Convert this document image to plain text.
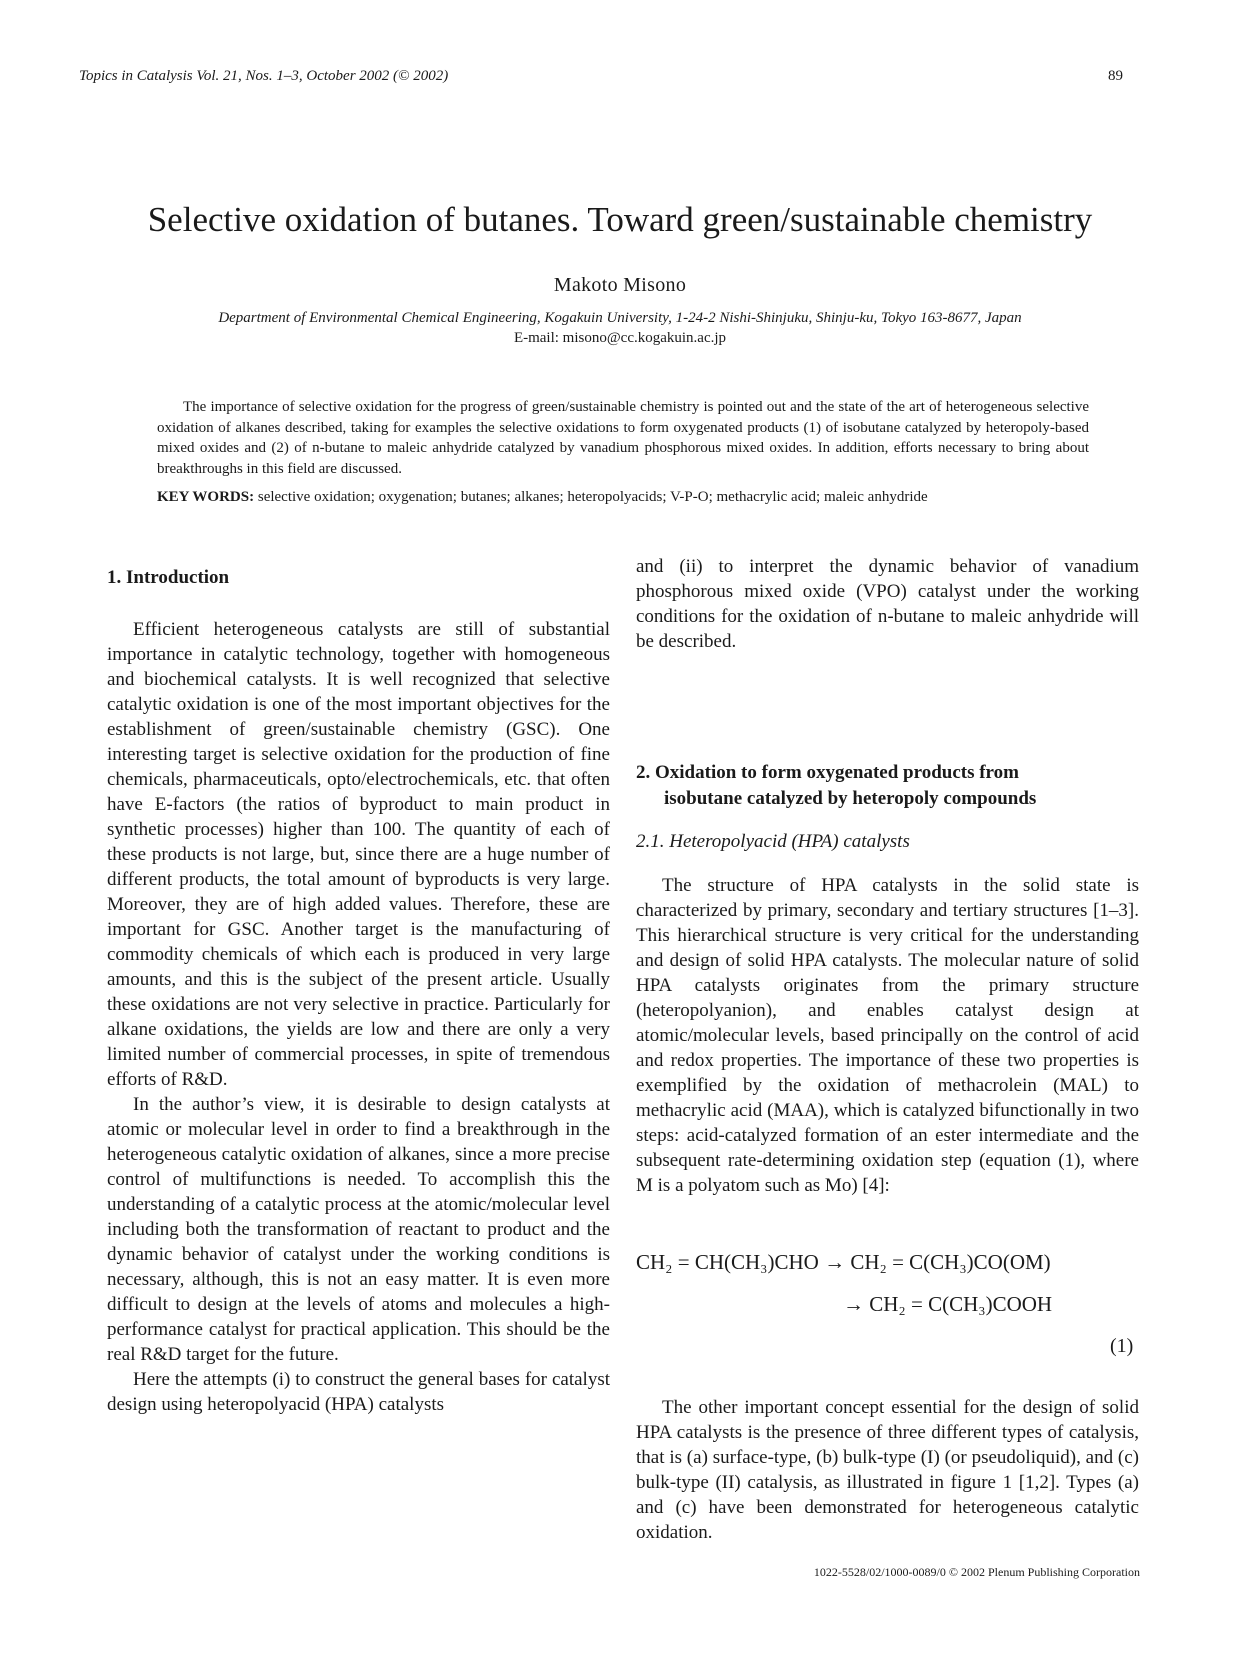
Topics in Catalysis Vol. 21, Nos. 1–3, October 2002 (© 2002)	89
Selective oxidation of butanes. Toward green/sustainable chemistry
Makoto Misono
Department of Environmental Chemical Engineering, Kogakuin University, 1-24-2 Nishi-Shinjuku, Shinju-ku, Tokyo 163-8677, Japan
E-mail: misono@cc.kogakuin.ac.jp

The importance of selective oxidation for the progress of green/sustainable chemistry is pointed out and the state of the art of heterogeneous selective oxidation of alkanes described, taking for examples the selective oxidations to form oxygenated products (1) of isobutane catalyzed by heteropoly-based mixed oxides and (2) of n-butane to maleic anhydride catalyzed by vanadium phosphorous mixed oxides. In addition, efforts necessary to bring about breakthroughs in this field are discussed.

KEY WORDS: selective oxidation; oxygenation; butanes; alkanes; heteropolyacids; V-P-O; methacrylic acid; maleic anhydride
1. Introduction

Efficient heterogeneous catalysts are still of substantial importance in catalytic technology, together with homogeneous and biochemical catalysts. It is well recognized that selective catalytic oxidation is one of the most important objectives for the establishment of green/sustainable chemistry (GSC). One interesting target is selective oxidation for the production of fine chemicals, pharmaceuticals, opto/electrochemicals, etc. that often have E-factors (the ratios of byproduct to main product in synthetic processes) higher than 100. The quantity of each of these products is not large, but, since there are a huge number of different products, the total amount of byproducts is very large. Moreover, they are of high added values. Therefore, these are important for GSC. Another target is the manufacturing of commodity chemicals of which each is produced in very large amounts, and this is the subject of the present article. Usually these oxidations are not very selective in practice. Particularly for alkane oxidations, the yields are low and there are only a very limited number of commercial processes, in spite of tremendous efforts of R&D.

In the author’s view, it is desirable to design catalysts at atomic or molecular level in order to find a breakthrough in the heterogeneous catalytic oxidation of alkanes, since a more precise control of multifunctions is needed. To accomplish this the understanding of a catalytic process at the atomic/molecular level including both the transformation of reactant to product and the dynamic behavior of catalyst under the working conditions is necessary, although, this is not an easy matter. It is even more difficult to design at the levels of atoms and molecules a high-performance catalyst for practical application. This should be the real R&D target for the future.

Here the attempts (i) to construct the general bases for catalyst design using heteropolyacid (HPA) catalysts

and (ii) to interpret the dynamic behavior of vanadium phosphorous mixed oxide (VPO) catalyst under the working conditions for the oxidation of n-butane to maleic anhydride will be described.

2. Oxidation to form oxygenated products from
isobutane catalyzed by heteropoly compounds
2.1. Heteropolyacid (HPA) catalysts

The structure of HPA catalysts in the solid state is characterized by primary, secondary and tertiary structures [1–3]. This hierarchical structure is very critical for the understanding and design of solid HPA catalysts. The molecular nature of solid HPA catalysts originates from the primary structure (heteropolyanion), and enables catalyst design at atomic/molecular levels, based principally on the control of acid and redox properties. The importance of these two properties is exemplified by the oxidation of methacrolein (MAL) to methacrylic acid (MAA), which is catalyzed bifunctionally in two steps: acid-catalyzed formation of an ester intermediate and the subsequent rate-determining oxidation step (equation (1), where M is a polyatom such as Mo) [4]:

CH₂ = CH(CH₃)CHO → CH₂ = C(CH₃)CO(OM)
→ CH₂ = C(CH₃)COOH
(1)

The other important concept essential for the design of solid HPA catalysts is the presence of three different types of catalysis, that is (a) surface-type, (b) bulk-type (I) (or pseudoliquid), and (c) bulk-type (II) catalysis, as illustrated in figure 1 [1,2]. Types (a) and (c) have been demonstrated for heterogeneous catalytic oxidation.

1022-5528/02/1000-0089/0 © 2002 Plenum Publishing Corporation
